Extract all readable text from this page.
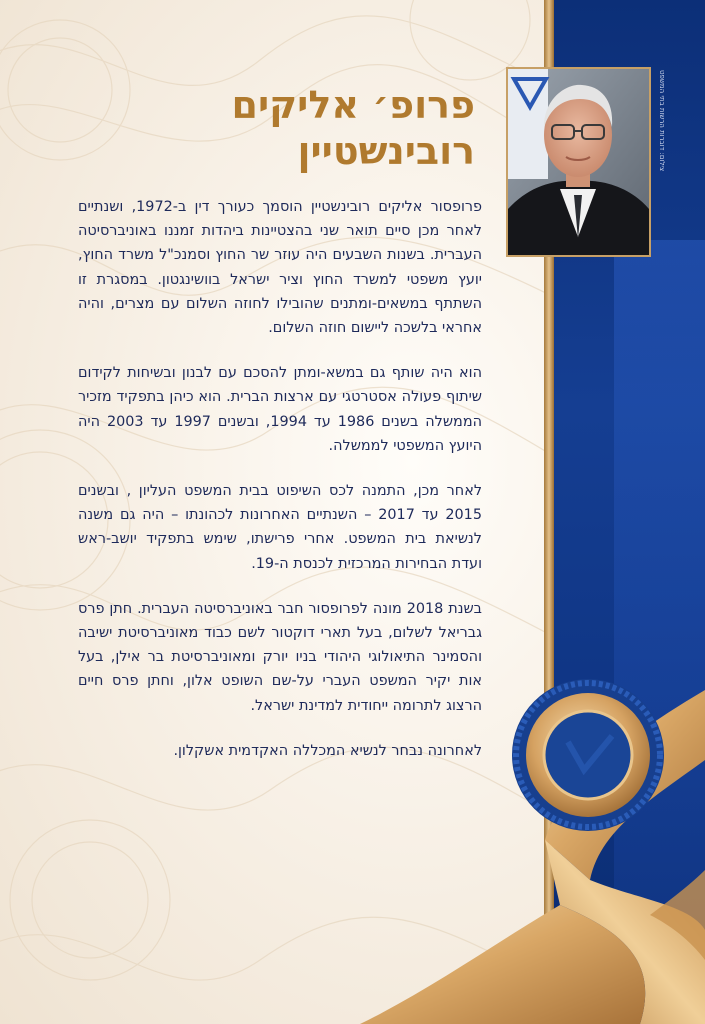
צילום: דוברות הרשות בתי המשפט
פרופ׳ אליקים
רובינשטיין

פרופסור אליקים רובינשטיין הוסמך כעורך דין ב-1972, ושנתיים לאחר מכן סיים תואר שני בהצטיינות ביהדות זמננו באוניברסיטה העברית. בשנות השבעים היה עוזר שר החוץ וסמנכ"ל משרד החוץ, יועץ משפטי למשרד החוץ וציר ישראל בוושינגטון. במסגרת זו השתתף במשאים-ומתנים שהובילו לחוזה השלום עם מצרים, והיה אחראי בלשכה ליישום חוזה השלום.

הוא היה שותף גם במשא-ומתן להסכם עם לבנון ובשיחות לקידום שיתוף פעולה אסטרטגי עם ארצות הברית. הוא כיהן בתפקיד מזכיר הממשלה בשנים 1986 עד 1994, ובשנים 1997 עד 2003 היה היועץ המשפטי לממשלה.

לאחר מכן, התמנה לכס השיפוט בבית המשפט העליון , ובשנים 2015 עד 2017 – השנתיים האחרונות לכהונתו – היה גם משנה לנשיאת בית המשפט. אחרי פרישתו, שימש בתפקיד יושב-ראש ועדת הבחירות המרכזית לכנסת ה-19.

בשנת 2018 מונה לפרופסור חבר באוניברסיטה העברית. חתן פרס גבריאל לשלום, בעל תארי דוקטור לשם כבוד מאוניברסיטת ישיבה והסמינר התיאולוגי היהודי בניו יורק ומאוניברסיטת בר אילן, בעל אות יקיר המשפט העברי על-שם השופט אלון, וחתן פרס חיים הרצוג לתרומה ייחודית למדינת ישראל.

לאחרונה נבחר לנשיא המכללה האקדמית אשקלון.
